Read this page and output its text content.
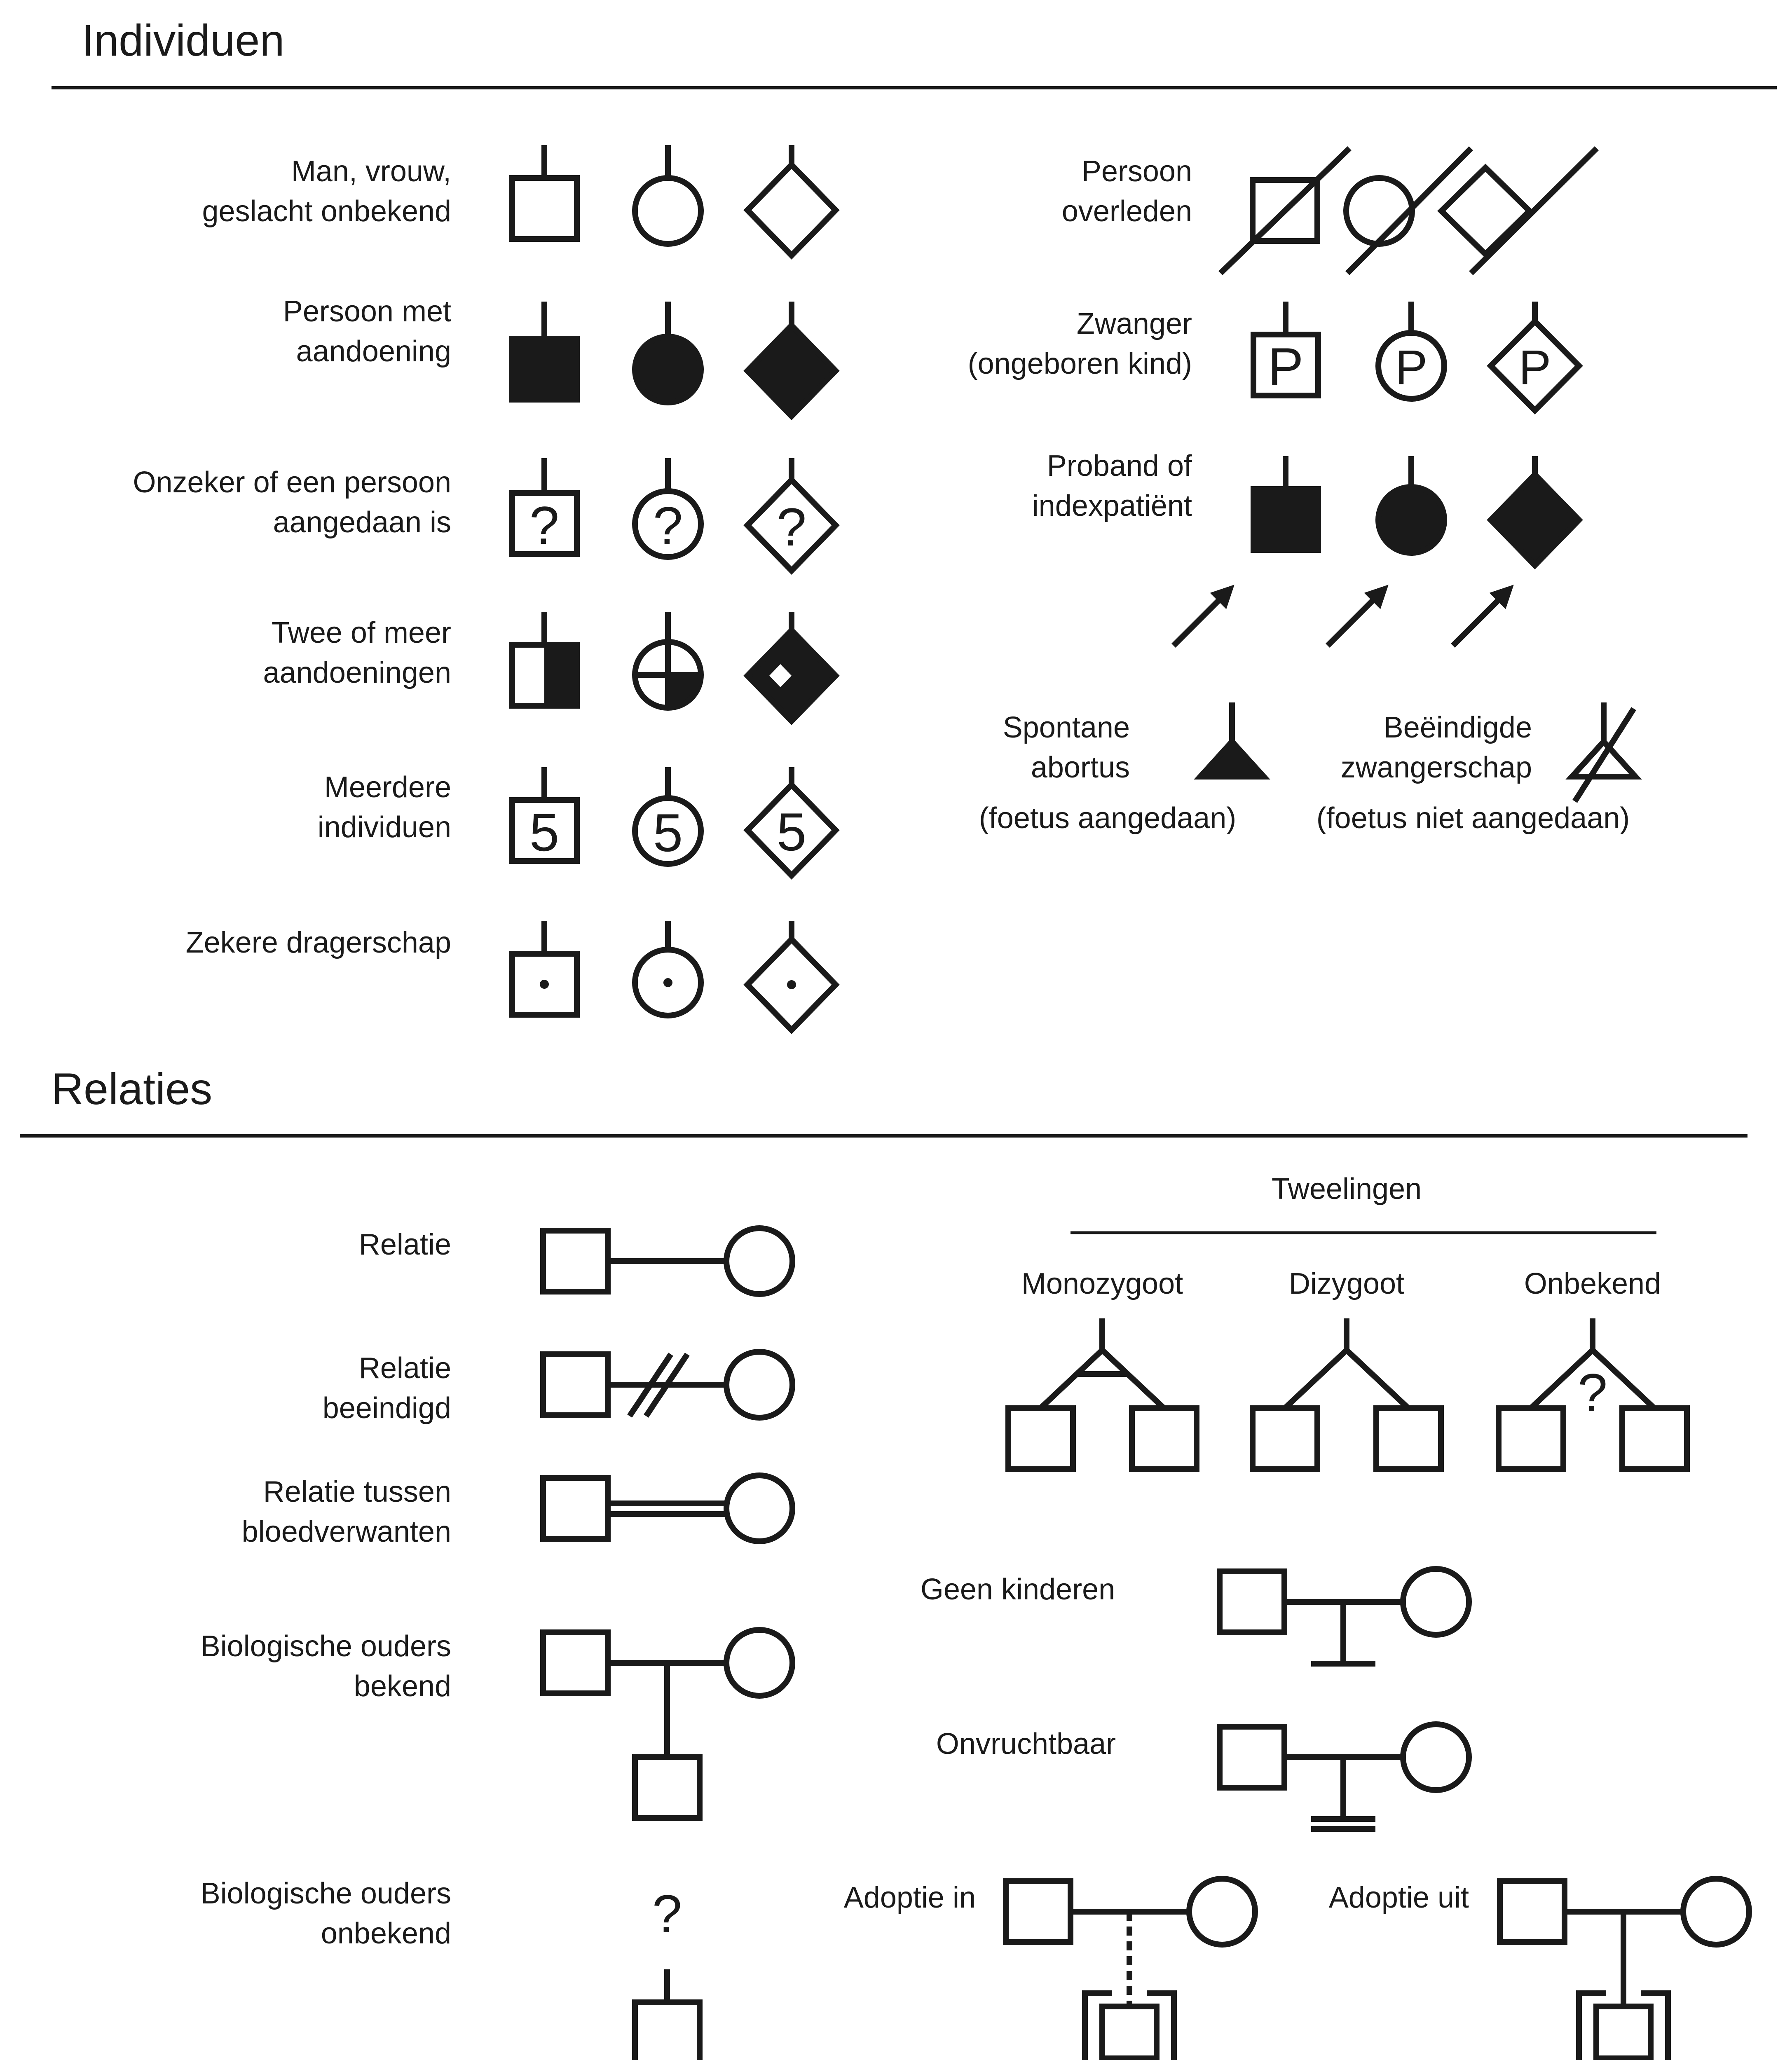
Individuen
Relaties
Man, vrouw,
geslacht onbekend
Persoon met
aandoening
Onzeker of een persoon
aangedaan is
Twee of meer
aandoeningen
Meerdere
individuen
Zekere dragerschap
Persoon
overleden
Zwanger
(ongeboren kind)
Proband of
indexpatiënt
Spontane
abortus
(foetus aangedaan)
Beëindigde
zwangerschap
(foetus niet aangedaan)
Relatie
Relatie
beeindigd
Relatie tussen
bloedverwanten
Biologische ouders
bekend
Biologische ouders
onbekend
Tweelingen
Monozygoot	Dizygoot	Onbekend
Geen kinderen
Onvruchtbaar
Adoptie in	Adoptie uit
? ? ?
5 5 5
P P P
?
?
